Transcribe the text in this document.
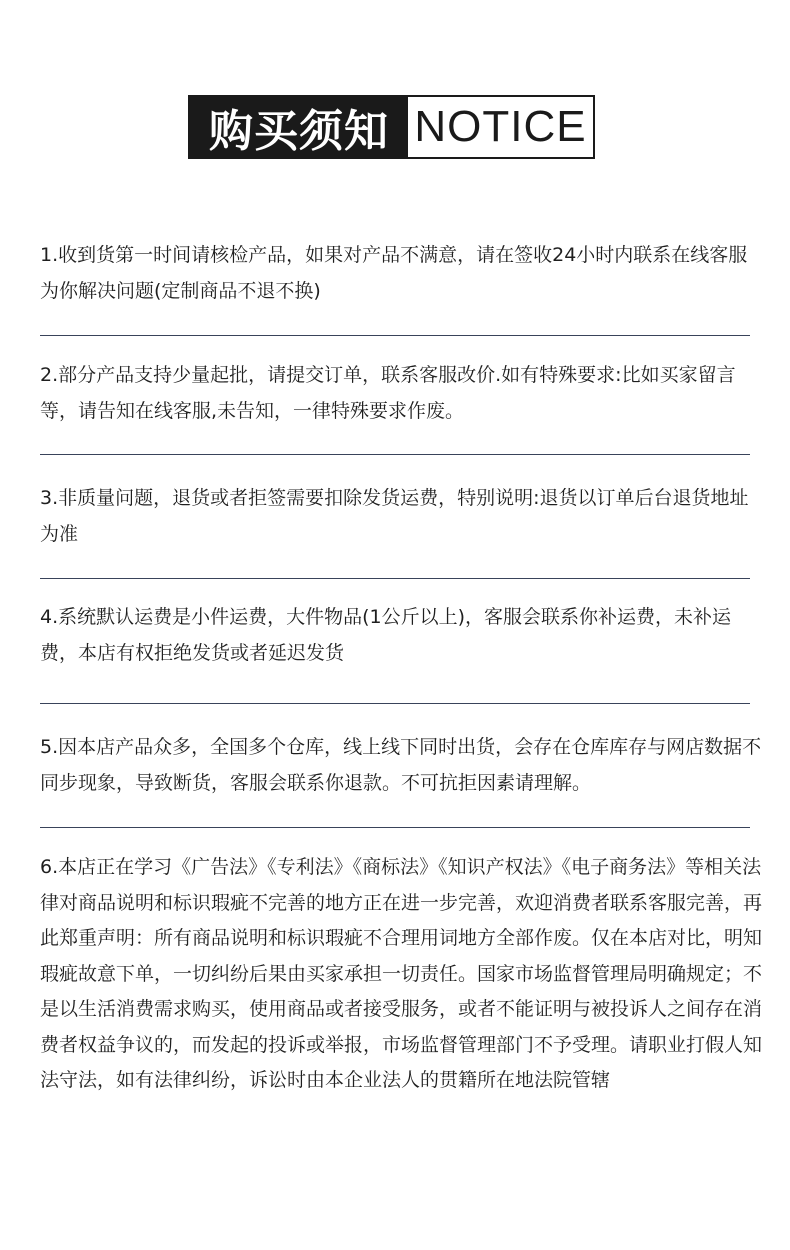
购买须知 NOTICE

1.收到货第一时间请核检产品，如果对产品不满意，请在签收24小时内联系在线客服为你解决问题(定制商品不退不换)

2.部分产品支持少量起批，请提交订单，联系客服改价.如有特殊要求:比如买家留言等，请告知在线客服,未告知，一律特殊要求作废。

3.非质量问题，退货或者拒签需要扣除发货运费，特别说明:退货以订单后台退货地址为准

4.系统默认运费是小件运费，大件物品(1公斤以上)，客服会联系你补运费，未补运费，本店有权拒绝发货或者延迟发货

5.因本店产品众多，全国多个仓库，线上线下同时出货，会存在仓库库存与网店数据不同步现象，导致断货，客服会联系你退款。不可抗拒因素请理解。

6.本店正在学习《广告法》《专利法》《商标法》《知识产权法》《电子商务法》等相关法律对商品说明和标识瑕疵不完善的地方正在进一步完善，欢迎消费者联系客服完善，再此郑重声明：所有商品说明和标识瑕疵不合理用词地方全部作废。仅在本店对比，明知瑕疵故意下单，一切纠纷后果由买家承担一切责任。国家市场监督管理局明确规定；不是以生活消费需求购买，使用商品或者接受服务，或者不能证明与被投诉人之间存在消费者权益争议的，而发起的投诉或举报，市场监督管理部门不予受理。请职业打假人知法守法，如有法律纠纷，诉讼时由本企业法人的贯籍所在地法院管辖
